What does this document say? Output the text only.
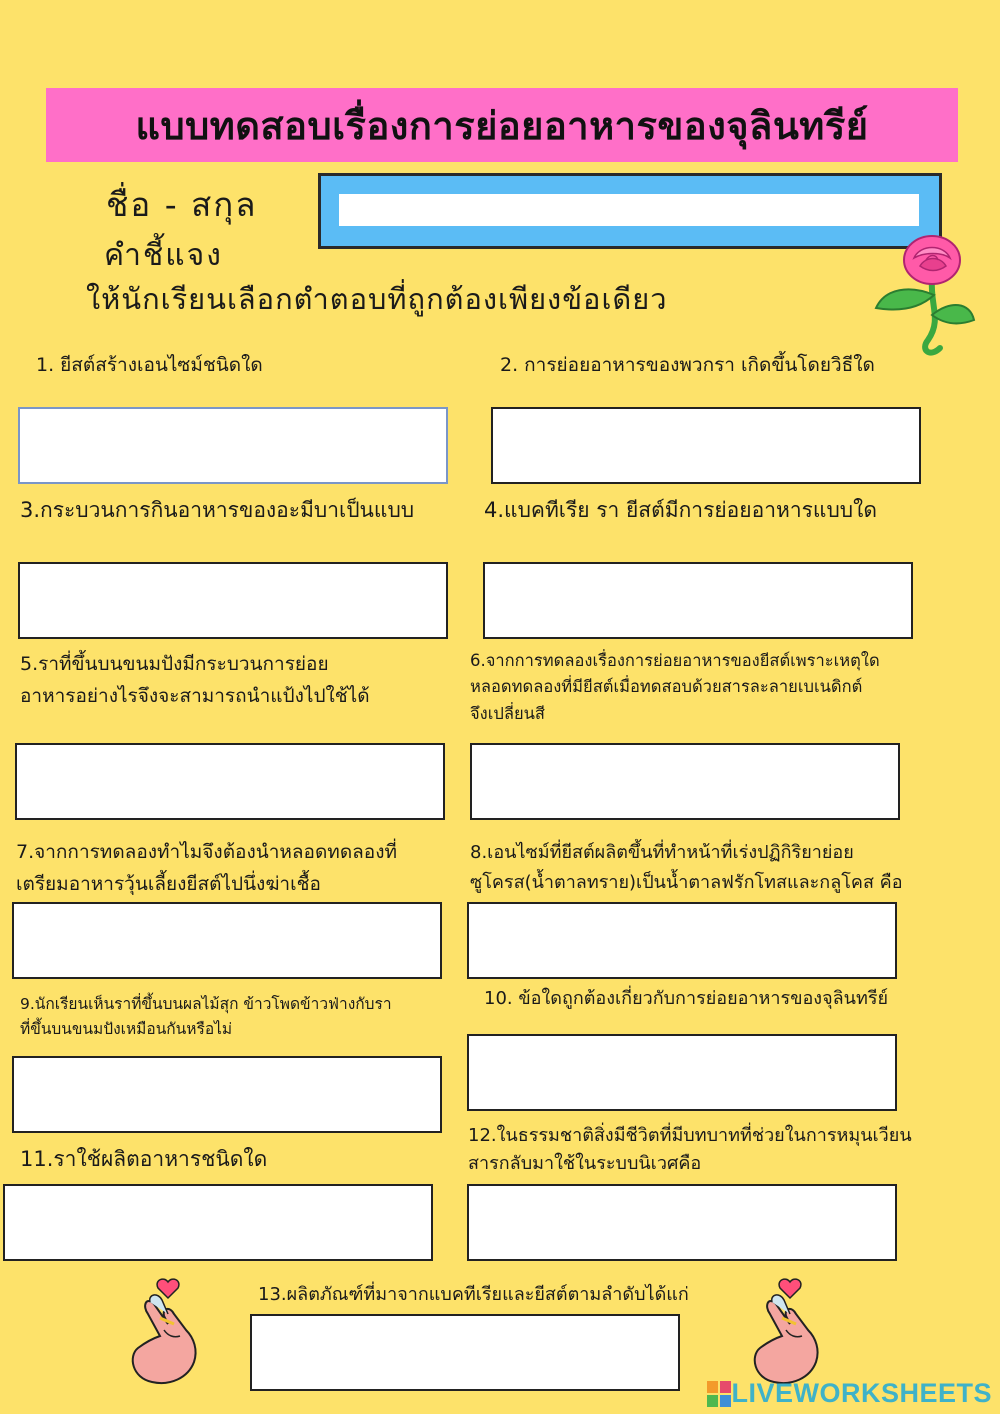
แบบทดสอบเรื่องการย่อยอาหารของจุลินทรีย์
ชื่อ - สกุล
คำชี้แจง
ให้นักเรียนเลือกตำตอบที่ถูกต้องเพียงข้อเดียว
1. ยีสต์สร้างเอนไซม์ชนิดใด	2. การย่อยอาหารของพวกรา เกิดขึ้นโดยวิธีใด
3.กระบวนการกินอาหารของอะมีบาเป็นแบบ	4.แบคทีเรีย รา ยีสต์มีการย่อยอาหารแบบใด
5.ราที่ขึ้นบนขนมปังมีกระบวนการย่อย
อาหารอย่างไรจึงจะสามารถนำแป้งไปใช้ได้
6.จากการทดลองเรื่องการย่อยอาหารของยีสต์เพราะเหตุใด
หลอดทดลองที่มียีสต์เมื่อทดสอบด้วยสารละลายเบเนดิกต์
จึงเปลี่ยนสี
7.จากการทดลองทำไมจึงต้องนำหลอดทดลองที่
เตรียมอาหารวุ้นเลี้ยงยีสต์ไปนึ่งฆ่าเชื้อ
8.เอนไซม์ที่ยีสต์ผลิตขึ้นที่ทำหน้าที่เร่งปฏิกิริยาย่อย
ซูโครส(น้ำตาลทราย)เป็นน้ำตาลฟรักโทสและกลูโคส คือ
9.นักเรียนเห็นราที่ขึ้นบนผลไม้สุก ข้าวโพดข้าวฟ่างกับรา
ที่ขึ้นบนขนมปังเหมือนกันหรือไม่
10. ข้อใดถูกต้องเกี่ยวกับการย่อยอาหารของจุลินทรีย์
11.ราใช้ผลิตอาหารชนิดใด
12.ในธรรมชาติสิ่งมีชีวิตที่มีบทบาทที่ช่วยในการหมุนเวียน
สารกลับมาใช้ในระบบนิเวศคือ
13.ผลิตภัณฑ์ที่มาจากแบคทีเรียและยีสต์ตามลำดับได้แก่
LIVEWORKSHEETS
